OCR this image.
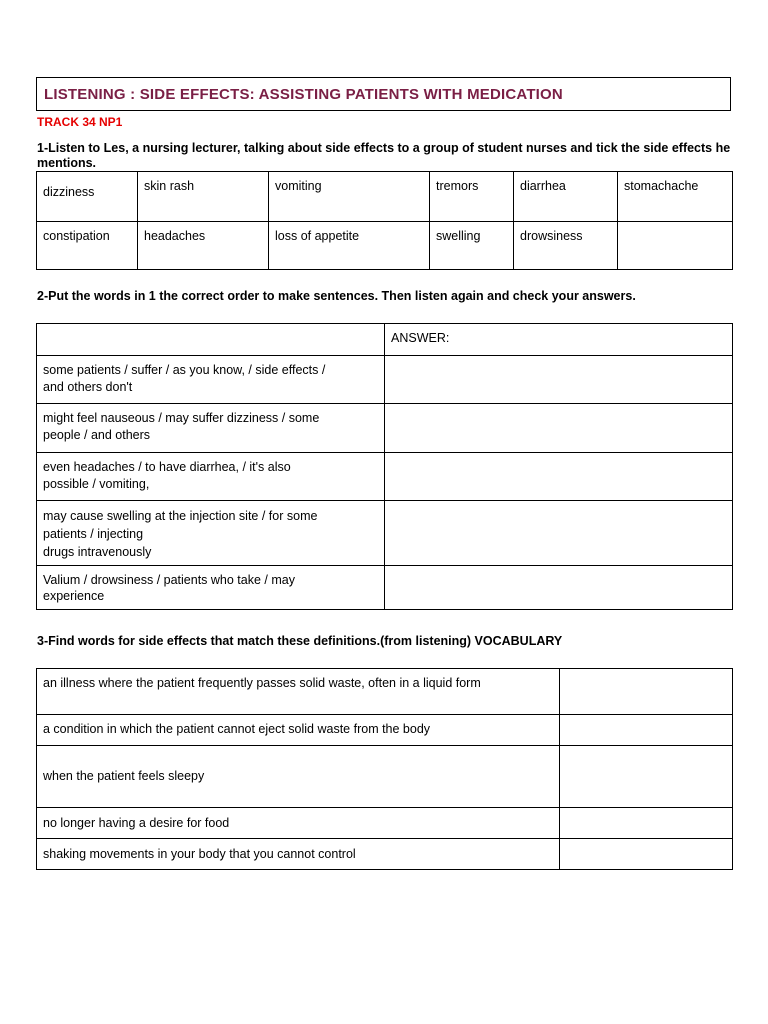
LISTENING : SIDE EFFECTS: ASSISTING PATIENTS WITH MEDICATION
TRACK 34 NP1
1-Listen to Les, a nursing lecturer, talking about side effects to a group of student nurses and tick the side effects he mentions.
dizziness	skin rash	vomiting	tremors	diarrhea	stomachache
constipation	headaches	loss of appetite	swelling	drowsiness	
2-Put the words in 1 the correct order to make sentences. Then listen again and check your answers.
	ANSWER:

some patients / suffer / as you know, / side effects /
and others don't	

might feel nauseous / may suffer dizziness / some
people / and others	

even headaches / to have diarrhea, / it's also
possible / vomiting,	

may cause swelling at the injection site / for some
patients / injecting
drugs intravenously	

Valium / drowsiness / patients who take / may
experience	

3-Find words for side effects that match these definitions.(from listening) VOCABULARY
an illness where the patient frequently passes solid waste, often in a liquid form	
a condition in which the patient cannot eject solid waste from the body	
when the patient feels sleepy	
no longer having a desire for food	
shaking movements in your body that you cannot control	
